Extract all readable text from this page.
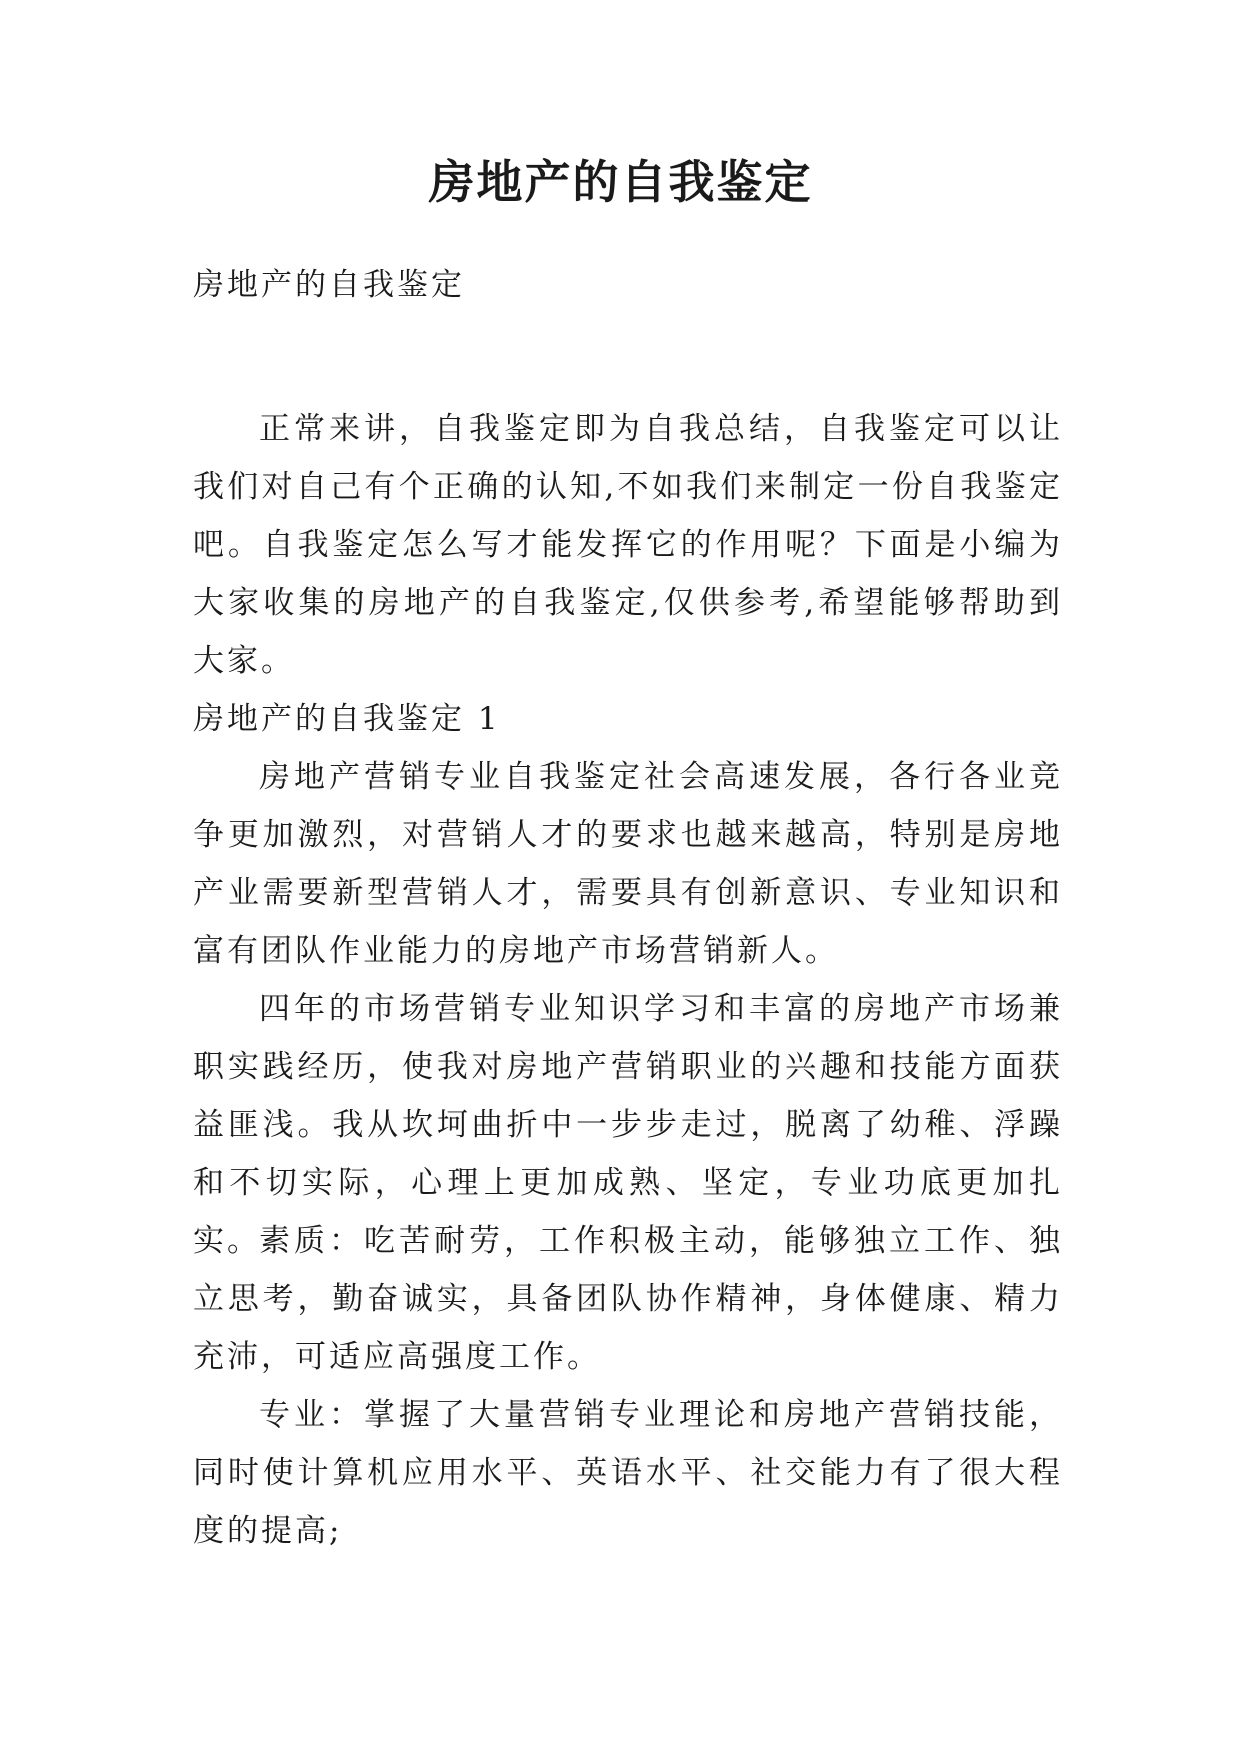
房地产的自我鉴定

房地产的自我鉴定

正常来讲，自我鉴定即为自我总结，自我鉴定可以让我们对自己有个正确的认知,不如我们来制定一份自我鉴定吧。自我鉴定怎么写才能发挥它的作用呢？下面是小编为大家收集的房地产的自我鉴定,仅供参考,希望能够帮助到大家。

房地产的自我鉴定 1

房地产营销专业自我鉴定社会高速发展，各行各业竞争更加激烈，对营销人才的要求也越来越高，特别是房地产业需要新型营销人才，需要具有创新意识、专业知识和富有团队作业能力的房地产市场营销新人。

四年的市场营销专业知识学习和丰富的房地产市场兼职实践经历，使我对房地产营销职业的兴趣和技能方面获益匪浅。我从坎坷曲折中一步步走过，脱离了幼稚、浮躁和不切实际，心理上更加成熟、坚定，专业功底更加扎实。

素质：吃苦耐劳，工作积极主动，能够独立工作、独立思考，勤奋诚实，具备团队协作精神，身体健康、精力充沛，可适应高强度工作。

专业：掌握了大量营销专业理论和房地产营销技能，同时使计算机应用水平、英语水平、社交能力有了很大程度的提高;
